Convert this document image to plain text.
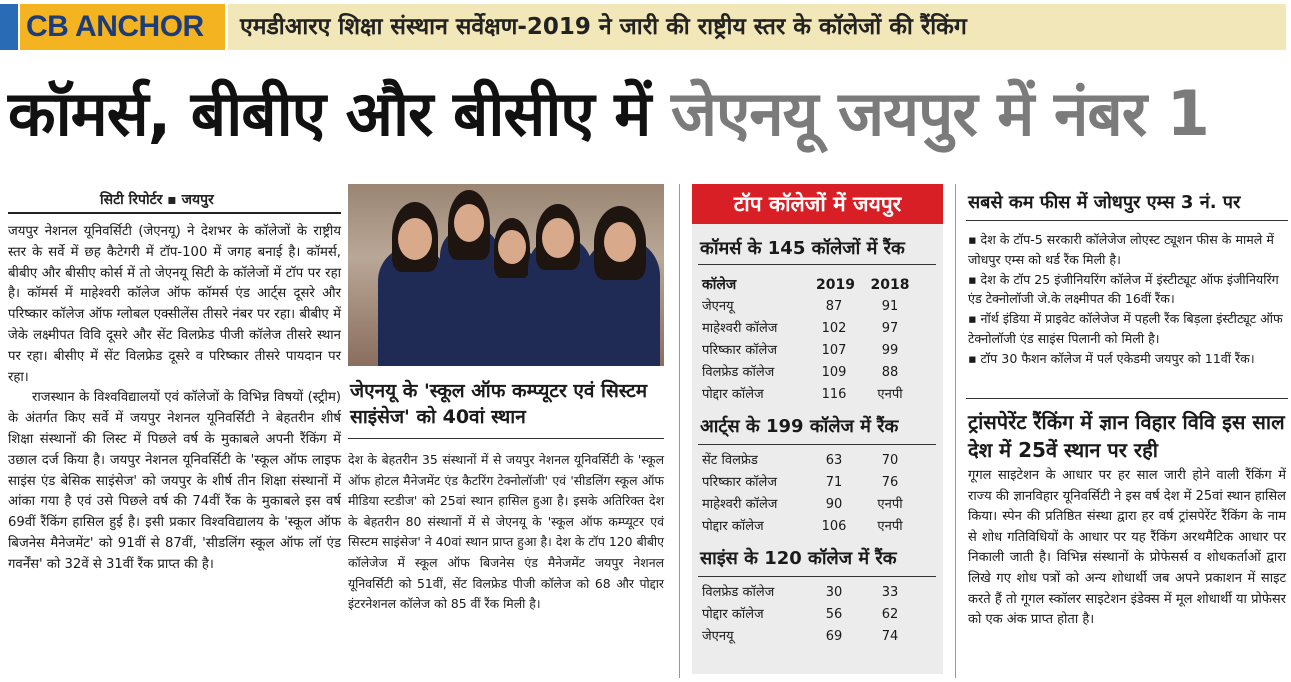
CB ANCHOR एमडीआरए शिक्षा संस्थान सर्वेक्षण-2019 ने जारी की राष्ट्रीय स्तर के कॉलेजों की रैंकिंग
कॉमर्स, बीबीए और बीसीए में जेएनयू जयपुर में नंबर 1
सिटी रिपोर्टर ▪ जयपुर

जयपुर नेशनल यूनिवर्सिटी (जेएनयू) ने देशभर के कॉलेजों के राष्ट्रीय स्तर के सर्वे में छह कैटेगरी में टॉप-100 में जगह बनाई है। कॉमर्स, बीबीए और बीसीए कोर्स में तो जेएनयू सिटी के कॉलेजों में टॉप पर रहा है। कॉमर्स में माहेश्वरी कॉलेज ऑफ कॉमर्स एंड आर्ट्स दूसरे और परिष्कार कॉलेज ऑफ ग्लोबल एक्सीलेंस तीसरे नंबर पर रहा। बीबीए में जेके लक्ष्मीपत विवि दूसरे और सेंट विलफ्रेड पीजी कॉलेज तीसरे स्थान पर रहा। बीसीए में सेंट विलफ्रेड दूसरे व परिष्कार तीसरे पायदान पर रहा।

राजस्थान के विश्वविद्यालयों एवं कॉलेजों के विभिन्न विषयों (स्ट्रीम) के अंतर्गत किए सर्वे में जयपुर नेशनल यूनिवर्सिटी ने बेहतरीन शीर्ष शिक्षा संस्थानों की लिस्ट में पिछले वर्ष के मुकाबले अपनी रैंकिंग में उछाल दर्ज किया है। जयपुर नेशनल यूनिवर्सिटी के 'स्कूल ऑफ लाइफ साइंस एंड बेसिक साइंसेज' को जयपुर के शीर्ष तीन शिक्षा संस्थानों में आंका गया है एवं उसे पिछले वर्ष की 74वीं रैंक के मुकाबले इस वर्ष 69वीं रैंकिंग हासिल हुई है। इसी प्रकार विश्वविद्यालय के 'स्कूल ऑफ बिजनेस मैनेजमेंट' को 91वीं से 87वीं, 'सीडलिंग स्कूल ऑफ लॉ एंड गवर्नेंस' को 32वें से 31वीं रैंक प्राप्त की है।

जेएनयू के 'स्कूल ऑफ कम्प्यूटर एवं सिस्टम साइंसेज' को 40वां स्थान

देश के बेहतरीन 35 संस्थानों में से जयपुर नेशनल यूनिवर्सिटी के 'स्कूल ऑफ होटल मैनेजमेंट एंड कैटरिंग टेक्नोलॉजी' एवं 'सीडलिंग स्कूल ऑफ मीडिया स्टडीज' को 25वां स्थान हासिल हुआ है। इसके अतिरिक्त देश के बेहतरीन 80 संस्थानों में से जेएनयू के 'स्कूल ऑफ कम्प्यूटर एवं सिस्टम साइंसेज' ने 40वां स्थान प्राप्त हुआ है। देश के टॉप 120 बीबीए कॉलेजेज में स्कूल ऑफ बिजनेस एंड मैनेजमेंट जयपुर नेशनल यूनिवर्सिटी को 51वीं, सेंट विलफ्रेड पीजी कॉलेज को 68 और पोद्दार इंटरनेशनल कॉलेज को 85 वीं रैंक मिली है।

टॉप कॉलेजों में जयपुर
कॉमर्स के 145 कॉलेजों में रैंक
कॉलेज	2019 2018
जेएनयू	87	91
माहेश्वरी कॉलेज	102	97
परिष्कार कॉलेज	107	99
विलफ्रेड कॉलेज	109	88
पोद्दार कॉलेज	116	एनपी
आर्ट्स के 199 कॉलेज में रैंक
सेंट विलफ्रेड	63	70
परिष्कार कॉलेज	71	76
माहेश्वरी कॉलेज	90	एनपी
पोद्दार कॉलेज	106	एनपी
साइंस के 120 कॉलेज में रैंक
विलफ्रेड कॉलेज	30	33
पोद्दार कॉलेज	56	62
जेएनयू	69	74
सबसे कम फीस में जोधपुर एम्स 3 नं. पर

▪ देश के टॉप-5 सरकारी कॉलेजेज लोएस्ट ट्यूशन फीस के मामले में जोधपुर एम्स को थर्ड रैंक मिली है।

▪ देश के टॉप 25 इंजीनियरिंग कॉलेज में इंस्टीट्यूट ऑफ इंजीनियरिंग एंड टेक्नोलॉजी जे.के लक्ष्मीपत की 16वीं रैंक।

▪ नॉर्थ इंडिया में प्राइवेट कॉलेजेज में पहली रैंक बिड़ला इंस्टीट्यूट ऑफ टेक्नोलॉजी एंड साइंस पिलानी को मिली है।

▪ टॉप 30 फैशन कॉलेज में पर्ल एकेडमी जयपुर को 11वीं रैंक।

ट्रांसपेरेंट रैंकिंग में ज्ञान विहार विवि इस साल देश में 25वें स्थान पर रही

गूगल साइटेशन के आधार पर हर साल जारी होने वाली रैंकिंग में राज्य की ज्ञानविहार यूनिवर्सिटी ने इस वर्ष देश में 25वां स्थान हासिल किया। स्पेन की प्रतिष्ठित संस्था द्वारा हर वर्ष ट्रांसपेरेंट रैंकिंग के नाम से शोध गतिविधियों के आधार पर यह रैंकिंग अरथमैटिक आधार पर निकाली जाती है। विभिन्न संस्थानों के प्रोफेसर्स व शोधकर्ताओं द्वारा लिखे गए शोध पत्रों को अन्य शोधार्थी जब अपने प्रकाशन में साइट करते हैं तो गूगल स्कॉलर साइटेशन इंडेक्स में मूल शोधार्थी या प्रोफेसर को एक अंक प्राप्त होता है।
